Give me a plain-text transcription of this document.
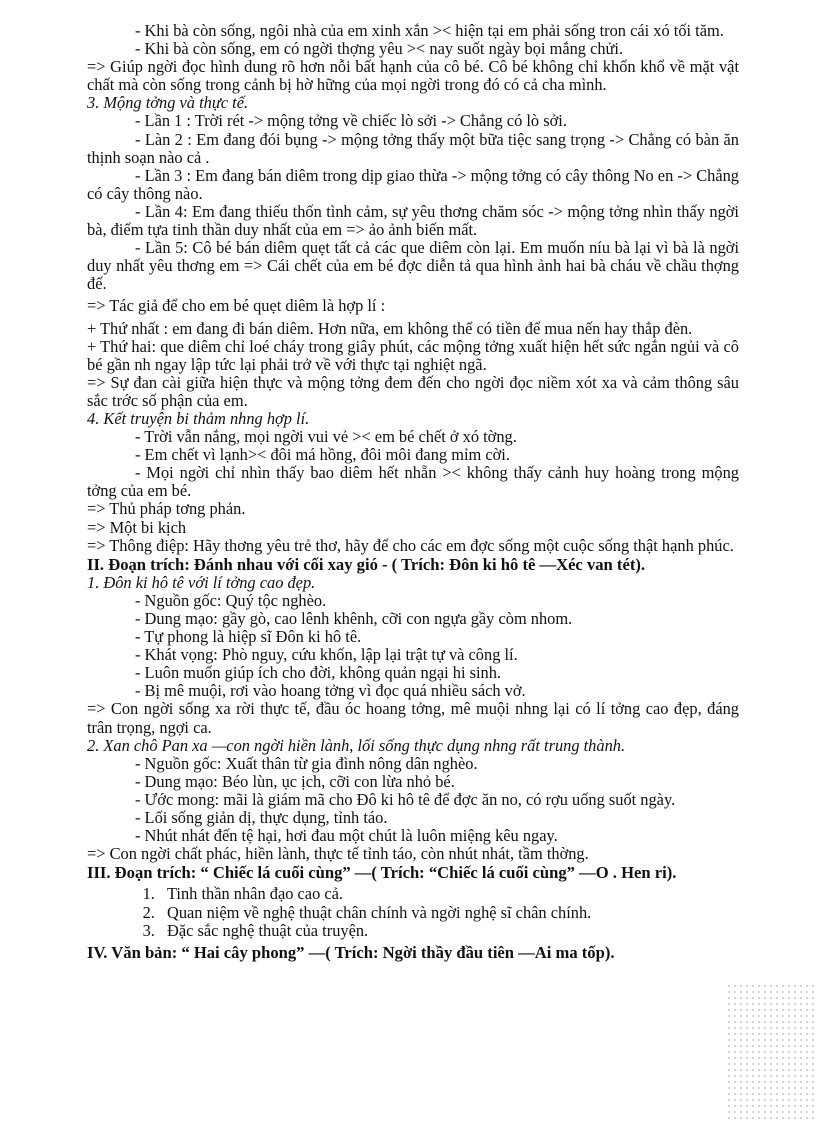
- Khi bà còn sống, ngôi nhà của em xinh xắn >< hiện tại em phải sống tron cái xó tối tăm.

- Khi bà còn sống, em có ngời thợng yêu >< nay suốt ngày bọi mắng chửi.

=> Giúp ngời đọc hình dung rõ hơn nỗi bất hạnh của cô bé. Cô bé không chỉ khốn khổ về mặt vật chất mà còn sống trong cảnh bị hờ hững của mọi ngời trong đó có cả cha mình.

3. Mộng tởng và thực tế.

- Lần 1 : Trời rét -> mộng tởng về chiếc lò sởi -> Chẳng có lò sởi.

- Làn 2 : Em đang đói bụng -> mộng tởng thấy một bữa tiệc sang trọng -> Chẳng có bàn ăn thịnh soạn nào cả .

- Lần 3 : Em đang bán diêm trong dịp giao thừa -> mộng tởng có cây thông No en -> Chẳng có cây thông nào.

- Lần 4: Em đang thiếu thốn tình cảm, sự yêu thơng chăm sóc -> mộng tởng nhìn thấy ngời bà, điểm tựa tinh thần duy nhất của em => ảo ảnh biến mất.

- Lần 5: Cô bé bán diêm quẹt tất cả các que diêm còn lại. Em muốn níu bà lại vì bà là ngời duy nhất yêu thơng em => Cái chết của em bé đợc diễn tả qua hình ảnh hai bà cháu về chầu thợng đế.

=> Tác giả để cho em bé quẹt diêm là hợp lí :

+ Thứ nhất : em đang đi bán diêm. Hơn nữa, em không thể có tiền để mua nến hay thắp đèn.

+ Thứ hai: que diêm chỉ loé cháy trong giây phút, các mộng tởng xuất hiện hết sức ngắn ngủi và cô bé gần nh ngay lập tức lại phải trở về với thực tại nghiệt ngã.

=> Sự đan cài giữa hiện thực và mộng tởng đem đến cho ngời đọc niềm xót xa và cảm thông sâu sắc trớc số phận của em.

4. Kết truyện bi thảm nhng hợp lí.

- Trời vẫn nắng, mọi ngời vui vẻ >< em bé chết ở xó tờng.

- Em chết vì lạnh>< đôi má hồng, đôi môi đang mỉm cời.

- Mọi ngời chỉ nhìn thấy bao diêm hết nhẵn >< không thấy cảnh huy hoàng trong mộng tởng của em bé.

=> Thủ pháp tơng phản.

=> Một bi kịch

=> Thông điệp: Hãy thơng yêu trẻ thơ, hãy để cho các em đợc sống một cuộc sống thật hạnh phúc.

II. Đoạn trích: Đánh nhau với cối xay gió - ( Trích: Đôn ki hô tê —Xéc van tét).

1. Đôn ki hô tê với lí tởng cao đẹp.

- Nguồn gốc: Quý tộc nghèo.

- Dung mạo: gầy gò, cao lênh khênh, cỡi con ngựa gầy còm nhom.

- Tự phong là hiệp sĩ Đôn ki hô tê.

- Khát vọng: Phò nguy, cứu khốn, lập lại trật tự và công lí.

- Luôn muốn giúp ích cho đời, không quản ngại hi sinh.

- Bị mê muội, rơi vào hoang tởng vì đọc quá nhiều sách vở.

=> Con ngời sống xa rời thực tế, đầu óc hoang tởng, mê muội nhng lại có lí tởng cao đẹp, đáng trân trọng, ngợi ca.

2. Xan chô Pan xa —con ngời hiền lành, lối sống thực dụng nhng rất trung thành.

- Nguồn gốc: Xuất thân từ gia đình nông dân nghèo.

- Dung mạo: Béo lùn, ục ịch, cỡi con lừa nhỏ bé.

- Ước mong: mãi là giám mã cho Đô ki hô tê để đợc ăn no, có rợu uống suốt ngày.

- Lối sống giản dị, thực dụng, tỉnh táo.

- Nhút nhát đến tệ hại, hơi đau một chút là luôn miệng kêu ngay.

=> Con ngời chất phác, hiền lành, thực tế tỉnh táo, còn nhút nhát, tầm thờng.

III. Đoạn trích: “ Chiếc lá cuối cùng” —( Trích: “Chiếc lá cuối cùng” —O . Hen ri).

1. Tinh thần nhân đạo cao cả.
2. Quan niệm về nghệ thuật chân chính và ngời nghệ sĩ chân chính.
3. Đặc sắc nghệ thuật của truyện.

IV. Văn bản: “ Hai cây phong” —( Trích: Ngời thầy đầu tiên —Ai ma tốp).
